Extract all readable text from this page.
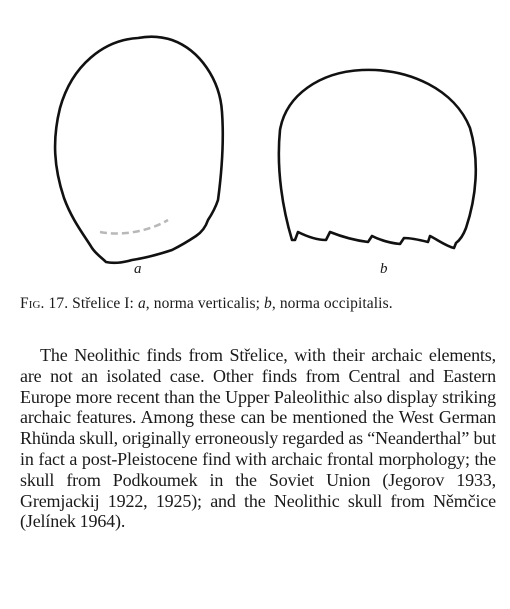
a	b
Fig. 17. Střelice I: a, norma verticalis; b, norma occipitalis.

The Neolithic finds from Střelice, with their archaic elements, are not an isolated case. Other finds from Central and Eastern Europe more recent than the Upper Paleolithic also display striking archaic features. Among these can be mentioned the West German Rhünda skull, originally erroneously regarded as “Neanderthal” but in fact a post-Pleistocene find with archaic frontal morphology; the skull from Podkoumek in the Soviet Union (Jegorov 1933, Gremjackij 1922, 1925); and the Neolithic skull from Němčice (Jelínek 1964).
